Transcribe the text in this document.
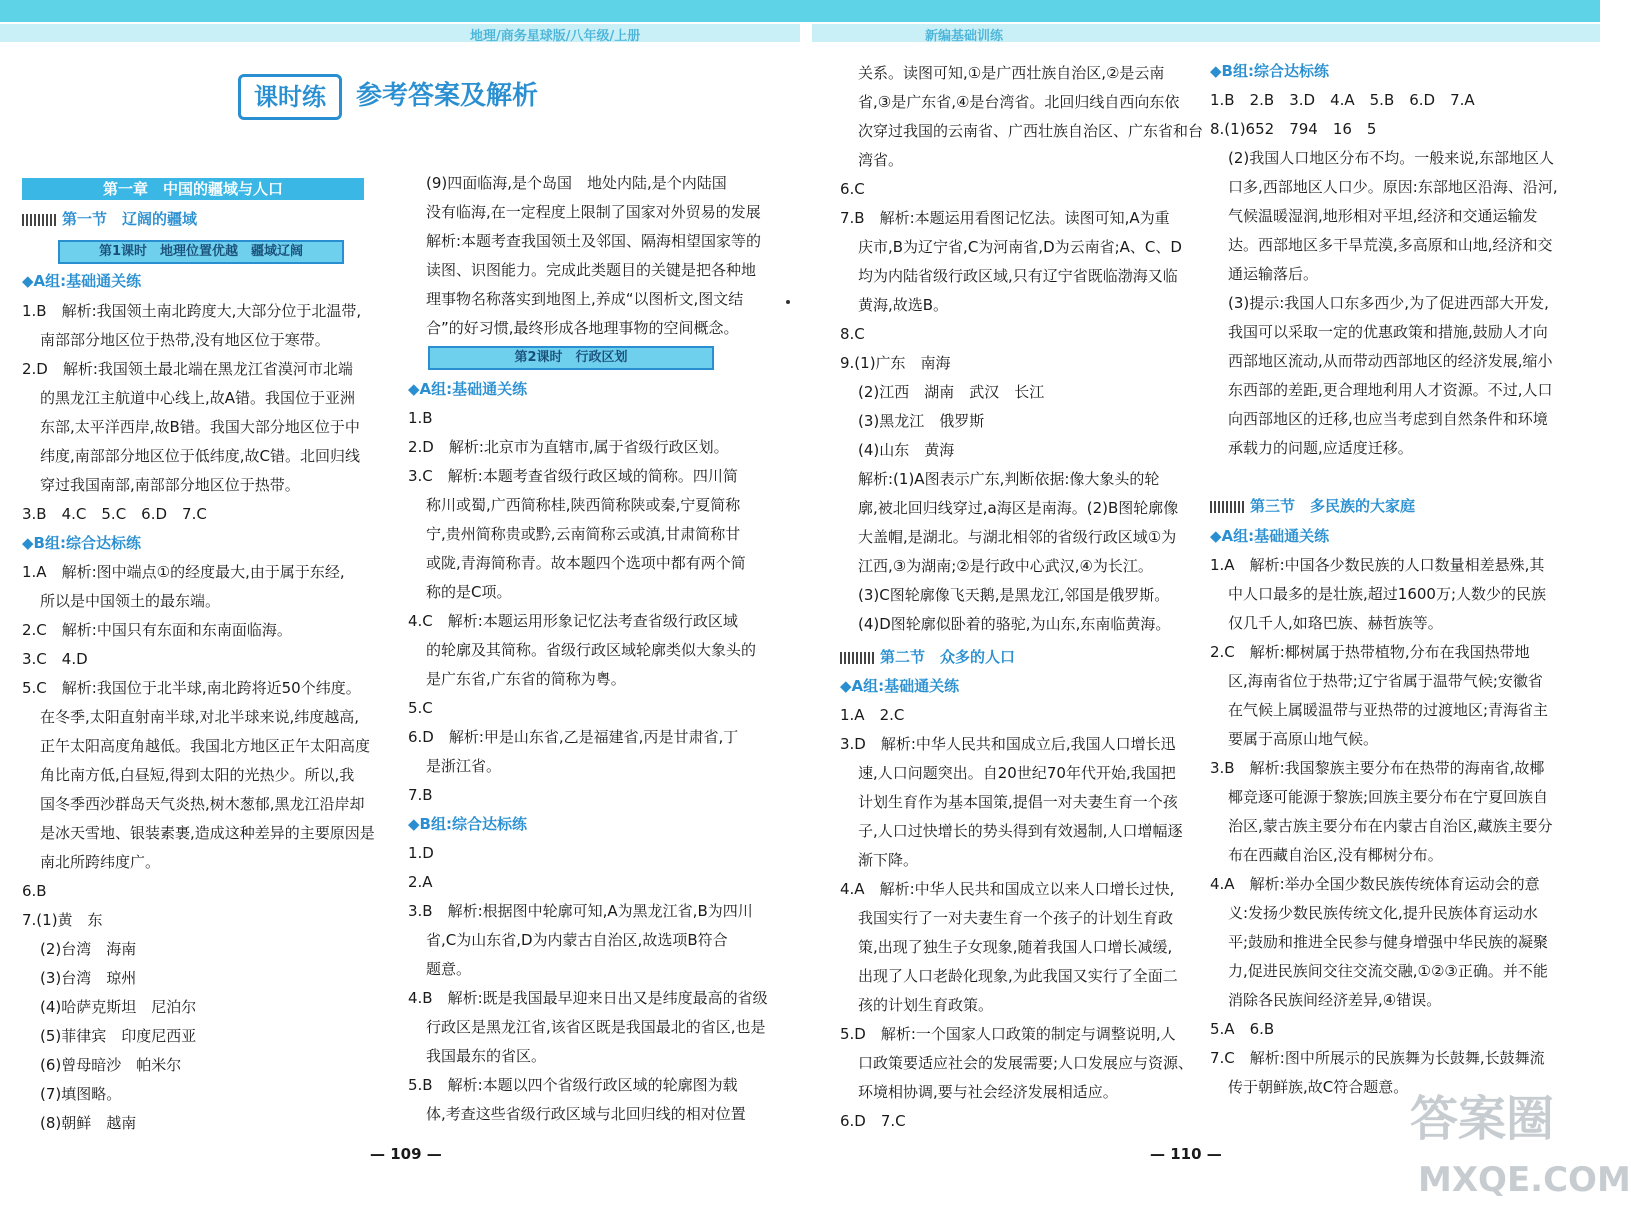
地理/商务星球版/八年级/上册	新编基础训练
课时练	参考答案及解析
第一章　中国的疆域与人口
第一节　辽阔的疆域
第1课时　地理位置优越　疆域辽阔
第二节　众多的人口
第2课时　行政区划
第三节　多民族的大家庭
◆A组:基础通关练
1.B　解析:我国领土南北跨度大,大部分位于北温带,
南部部分地区位于热带,没有地区位于寒带。
2.D　解析:我国领土最北端在黑龙江省漠河市北端
的黑龙江主航道中心线上,故A错。我国位于亚洲
东部,太平洋西岸,故B错。我国大部分地区位于中
纬度,南部部分地区位于低纬度,故C错。北回归线
穿过我国南部,南部部分地区位于热带。
3.B　4.C　5.C　6.D　7.C
◆B组:综合达标练
1.A　解析:图中端点①的经度最大,由于属于东经,
所以是中国领土的最东端。
2.C　解析:中国只有东面和东南面临海。
3.C　4.D
5.C　解析:我国位于北半球,南北跨将近50个纬度。
在冬季,太阳直射南半球,对北半球来说,纬度越高,
正午太阳高度角越低。我国北方地区正午太阳高度
角比南方低,白昼短,得到太阳的光热少。所以,我
国冬季西沙群岛天气炎热,树木葱郁,黑龙江沿岸却
是冰天雪地、银装素裹,造成这种差异的主要原因是
南北所跨纬度广。
6.B
7.(1)黄　东
(2)台湾　海南
(3)台湾　琼州
(4)哈萨克斯坦　尼泊尔
(5)菲律宾　印度尼西亚
(6)曾母暗沙　帕米尔
(7)填图略。
(8)朝鲜　越南
(9)四面临海,是个岛国　地处内陆,是个内陆国
没有临海,在一定程度上限制了国家对外贸易的发展
解析:本题考查我国领土及邻国、隔海相望国家等的
读图、识图能力。完成此类题目的关键是把各种地
理事物名称落实到地图上,养成“以图析文,图文结
合”的好习惯,最终形成各地理事物的空间概念。
◆A组:基础通关练
1.B
2.D　解析:北京市为直辖市,属于省级行政区划。
3.C　解析:本题考查省级行政区域的简称。四川简
称川或蜀,广西简称桂,陕西简称陕或秦,宁夏简称
宁,贵州简称贵或黔,云南简称云或滇,甘肃简称甘
或陇,青海简称青。故本题四个选项中都有两个简
称的是C项。
4.C　解析:本题运用形象记忆法考查省级行政区域
的轮廓及其简称。省级行政区域轮廓类似大象头的
是广东省,广东省的简称为粤。
5.C
6.D　解析:甲是山东省,乙是福建省,丙是甘肃省,丁
是浙江省。
7.B
◆B组:综合达标练
1.D
2.A
3.B　解析:根据图中轮廓可知,A为黑龙江省,B为四川
省,C为山东省,D为内蒙古自治区,故选项B符合
题意。
4.B　解析:既是我国最早迎来日出又是纬度最高的省级
行政区是黑龙江省,该省区既是我国最北的省区,也是
我国最东的省区。
5.B　解析:本题以四个省级行政区域的轮廓图为载
体,考查这些省级行政区域与北回归线的相对位置
关系。读图可知,①是广西壮族自治区,②是云南
省,③是广东省,④是台湾省。北回归线自西向东依
次穿过我国的云南省、广西壮族自治区、广东省和台
湾省。
6.C
7.B　解析:本题运用看图记忆法。读图可知,A为重
庆市,B为辽宁省,C为河南省,D为云南省;A、C、D
均为内陆省级行政区域,只有辽宁省既临渤海又临
黄海,故选B。
8.C
9.(1)广东　南海
(2)江西　湖南　武汉　长江
(3)黑龙江　俄罗斯
(4)山东　黄海
解析:(1)A图表示广东,判断依据:像大象头的轮
廓,被北回归线穿过,a海区是南海。(2)B图轮廓像
大盖帽,是湖北。与湖北相邻的省级行政区域①为
江西,③为湖南;②是行政中心武汉,④为长江。
(3)C图轮廓像飞天鹅,是黑龙江,邻国是俄罗斯。
(4)D图轮廓似卧着的骆驼,为山东,东南临黄海。
◆A组:基础通关练
1.A　2.C
3.D　解析:中华人民共和国成立后,我国人口增长迅
速,人口问题突出。自20世纪70年代开始,我国把
计划生育作为基本国策,提倡一对夫妻生育一个孩
子,人口过快增长的势头得到有效遏制,人口增幅逐
渐下降。
4.A　解析:中华人民共和国成立以来人口增长过快,
我国实行了一对夫妻生育一个孩子的计划生育政
策,出现了独生子女现象,随着我国人口增长减缓,
出现了人口老龄化现象,为此我国又实行了全面二
孩的计划生育政策。
5.D　解析:一个国家人口政策的制定与调整说明,人
口政策要适应社会的发展需要;人口发展应与资源、
环境相协调,要与社会经济发展相适应。
6.D　7.C
◆B组:综合达标练
1.B　2.B　3.D　4.A　5.B　6.D　7.A
8.(1)652　794　16　5
(2)我国人口地区分布不均。一般来说,东部地区人
口多,西部地区人口少。原因:东部地区沿海、沿河,
气候温暖湿润,地形相对平坦,经济和交通运输发
达。西部地区多干旱荒漠,多高原和山地,经济和交
通运输落后。
(3)提示:我国人口东多西少,为了促进西部大开发,
我国可以采取一定的优惠政策和措施,鼓励人才向
西部地区流动,从而带动西部地区的经济发展,缩小
东西部的差距,更合理地利用人才资源。不过,人口
向西部地区的迁移,也应当考虑到自然条件和环境
承载力的问题,应适度迁移。
◆A组:基础通关练
1.A　解析:中国各少数民族的人口数量相差悬殊,其
中人口最多的是壮族,超过1600万;人数少的民族
仅几千人,如珞巴族、赫哲族等。
2.C　解析:椰树属于热带植物,分布在我国热带地
区,海南省位于热带;辽宁省属于温带气候;安徽省
在气候上属暖温带与亚热带的过渡地区;青海省主
要属于高原山地气候。
3.B　解析:我国黎族主要分布在热带的海南省,故椰
椰竞逐可能源于黎族;回族主要分布在宁夏回族自
治区,蒙古族主要分布在内蒙古自治区,藏族主要分
布在西藏自治区,没有椰树分布。
4.A　解析:举办全国少数民族传统体育运动会的意
义:发扬少数民族传统文化,提升民族体育运动水
平;鼓励和推进全民参与健身增强中华民族的凝聚
力,促进民族间交往交流交融,①②③正确。并不能
消除各民族间经济差异,④错误。
5.A　6.B
7.C　解析:图中所展示的民族舞为长鼓舞,长鼓舞流
传于朝鲜族,故C符合题意。
— 109 —	— 110 —
答案圈
MXQE.COM
